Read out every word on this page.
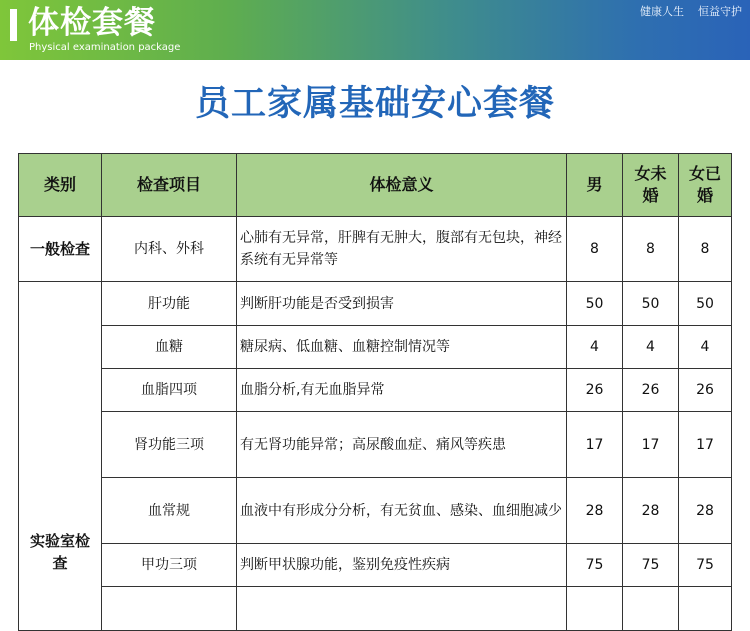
体检套餐
Physical examination package
健康人生 恒益守护
员工家属基础安心套餐
类别	检查项目	体检意义	男	女未婚	女已婚
一般检查	内科、外科	心肺有无异常，肝脾有无肿大，腹部有无包块，神经系统有无异常等	8	8	8
实验室检查	肝功能	判断肝功能是否受到损害	50	50	50
	血糖	糖尿病、低血糖、血糖控制情况等	4	4	4
	血脂四项	血脂分析,有无血脂异常	26	26	26
	肾功能三项	有无肾功能异常；高尿酸血症、痛风等疾患	17	17	17
	血常规	血液中有形成分分析，有无贫血、感染、血细胞减少	28	28	28
	甲功三项	判断甲状腺功能，鉴别免疫性疾病	75	75	75
